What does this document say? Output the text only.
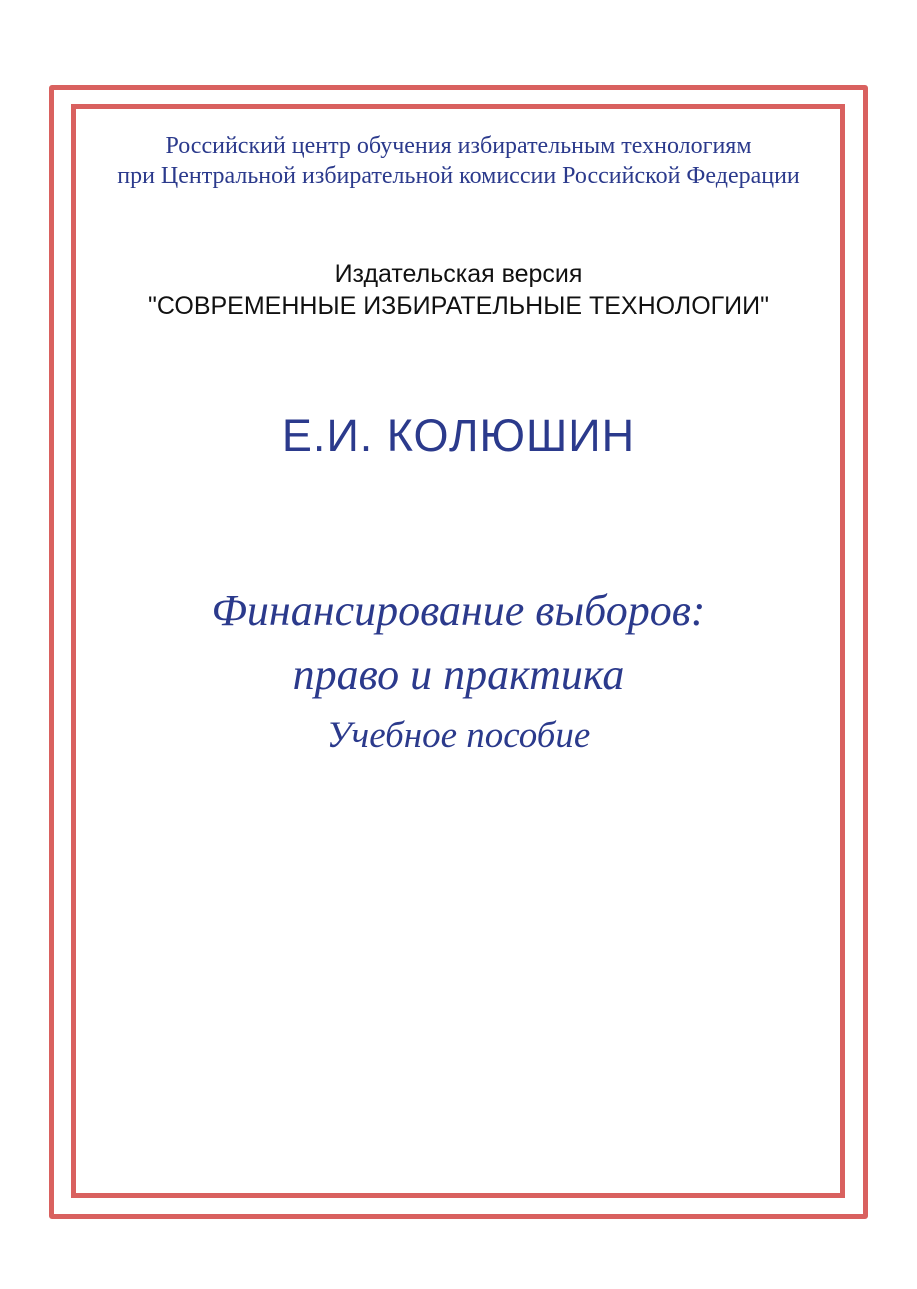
Российский центр обучения избирательным технологиям

при Центральной избирательной комиссии Российской Федерации

Издательская версия

"СОВРЕМЕННЫЕ ИЗБИРАТЕЛЬНЫЕ ТЕХНОЛОГИИ"

Е.И. КОЛЮШИН

Финансирование выборов:

право и практика

Учебное пособие
